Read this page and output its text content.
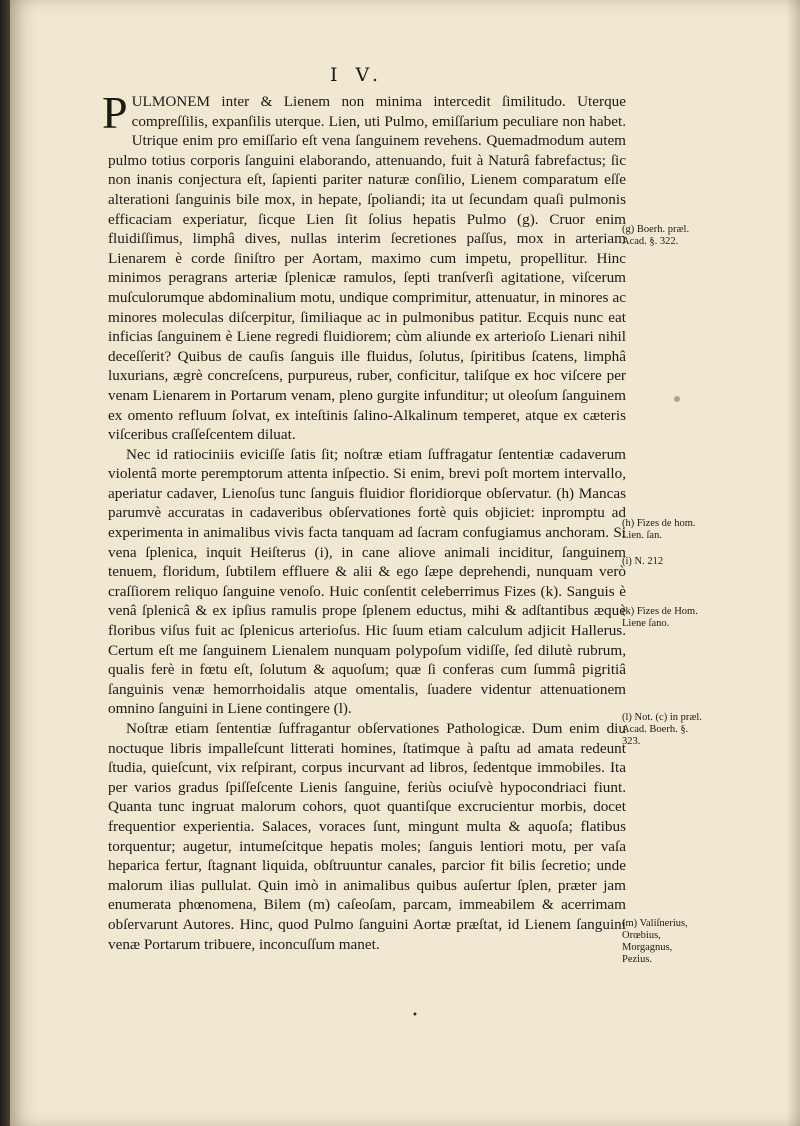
I V.

PULMONEM inter & Lienem non minima intercedit ſimilitudo. Uterque compreſſilis, expanſilis uterque. Lien, uti Pulmo, emiſſarium peculiare non habet. Utrique enim pro emiſſario eſt vena ſanguinem revehens. Quemadmodum autem pulmo totius corporis ſanguini elaborando, attenuando, fuit à Naturâ fabrefactus; ſic non inanis conjectura eſt, ſapienti pariter naturæ conſilio, Lienem comparatum eſſe alterationi ſanguinis bile mox, in hepate, ſpoliandi; ita ut ſecundam quaſi pulmonis efficaciam experiatur, ſicque Lien ſit ſolius hepatis Pulmo (g). Cruor enim fluidiſſimus, limphâ dives, nullas interim ſecretiones paſſus, mox in arteriam Lienarem è corde ſiniſtro per Aortam, maximo cum impetu, propellitur. Hinc minimos peragrans arteriæ ſplenicæ ramulos, ſepti tranſverſi agitatione, viſcerum muſculorumque abdominalium motu, undique comprimitur, attenuatur, in minores ac minores moleculas diſcerpitur, ſimiliaque ac in pulmonibus patitur. Ecquis nunc eat inficias ſanguinem è Liene regredi fluidiorem; cùm aliunde ex arterioſo Lienari nihil deceſſerit? Quibus de cauſis ſanguis ille fluidus, ſolutus, ſpiritibus ſcatens, limphâ luxurians, ægrè concreſcens, purpureus, ruber, conficitur, taliſque ex hoc viſcere per venam Lienarem in Portarum venam, pleno gurgite infunditur; ut oleoſum ſanguinem ex omento refluum ſolvat, ex inteſtinis ſalino-Alkalinum temperet, atque ex cæteris viſceribus craſſeſcentem diluat.

Nec id ratiociniis eviciſſe ſatis ſit; noſtræ etiam ſuffragatur ſententiæ cadaverum violentâ morte peremptorum attenta inſpectio. Si enim, brevi poſt mortem intervallo, aperiatur cadaver, Lienoſus tunc ſanguis fluidior floridiorque obſervatur. (h) Mancas parumvè accuratas in cadaveribus obſervationes fortè quis objiciet: inpromptu ad experimenta in animalibus vivis facta tanquam ad ſacram confugiamus anchoram. Si vena ſplenica, inquit Heiſterus (i), in cane aliove animali inciditur, ſanguinem tenuem, floridum, ſubtilem effluere & alii & ego ſæpe deprehendi, nunquam verò craſſiorem reliquo ſanguine venoſo. Huic conſentit celeberrimus Fizes (k). Sanguis è venâ ſplenicâ & ex ipſius ramulis prope ſplenem eductus, mihi & adſtantibus æquè floribus viſus fuit ac ſplenicus arterioſus. Hic ſuum etiam calculum adjicit Hallerus. Certum eſt me ſanguinem Lienalem nunquam polypoſum vidiſſe, ſed dilutè rubrum, qualis ferè in fœtu eſt, ſolutum & aquoſum; quæ ſi conferas cum ſummâ pigritiâ ſanguinis venæ hemorrhoidalis atque omentalis, ſuadere videntur attenuationem omnino ſanguini in Liene contingere (l).

Noſtræ etiam ſententiæ ſuffragantur obſervationes Pathologicæ. Dum enim diu noctuque libris impalleſcunt litterati homines, ſtatimque à paſtu ad amata redeunt ſtudia, quieſcunt, vix reſpirant, corpus incurvant ad libros, ſedentque immobiles. Ita per varios gradus ſpiſſeſcente Lienis ſanguine, feriùs ociuſvè hypocondriaci fiunt. Quanta tunc ingruat malorum cohors, quot quantiſque excrucientur morbis, docet frequentior experientia. Salaces, voraces ſunt, mingunt multa & aquoſa; flatibus torquentur; augetur, intumeſcitque hepatis moles; ſanguis lentiori motu, per vaſa heparica fertur, ſtagnant liquida, obſtruuntur canales, parcior fit bilis ſecretio; unde malorum ilias pullulat. Quin imò in animalibus quibus auſertur ſplen, præter jam enumerata phœnomena, Bilem (m) caſeoſam, parcam, immeabilem & acerrimam obſervarunt Autores. Hinc, quod Pulmo ſanguini Aortæ præſtat, id Lienem ſanguini venæ Portarum tribuere, inconcuſſum manet.

(g) Boerh. præl. Acad. §. 322.
(h) Fizes de hom. Lien. ſan.
(i) N. 212
(k) Fizes de Hom. Liene ſano.
(l) Not. (c) in præl. Acad. Boerh. §. 323.
(m) Valiſnerius, Orœbius, Morgagnus, Pezius.
•
